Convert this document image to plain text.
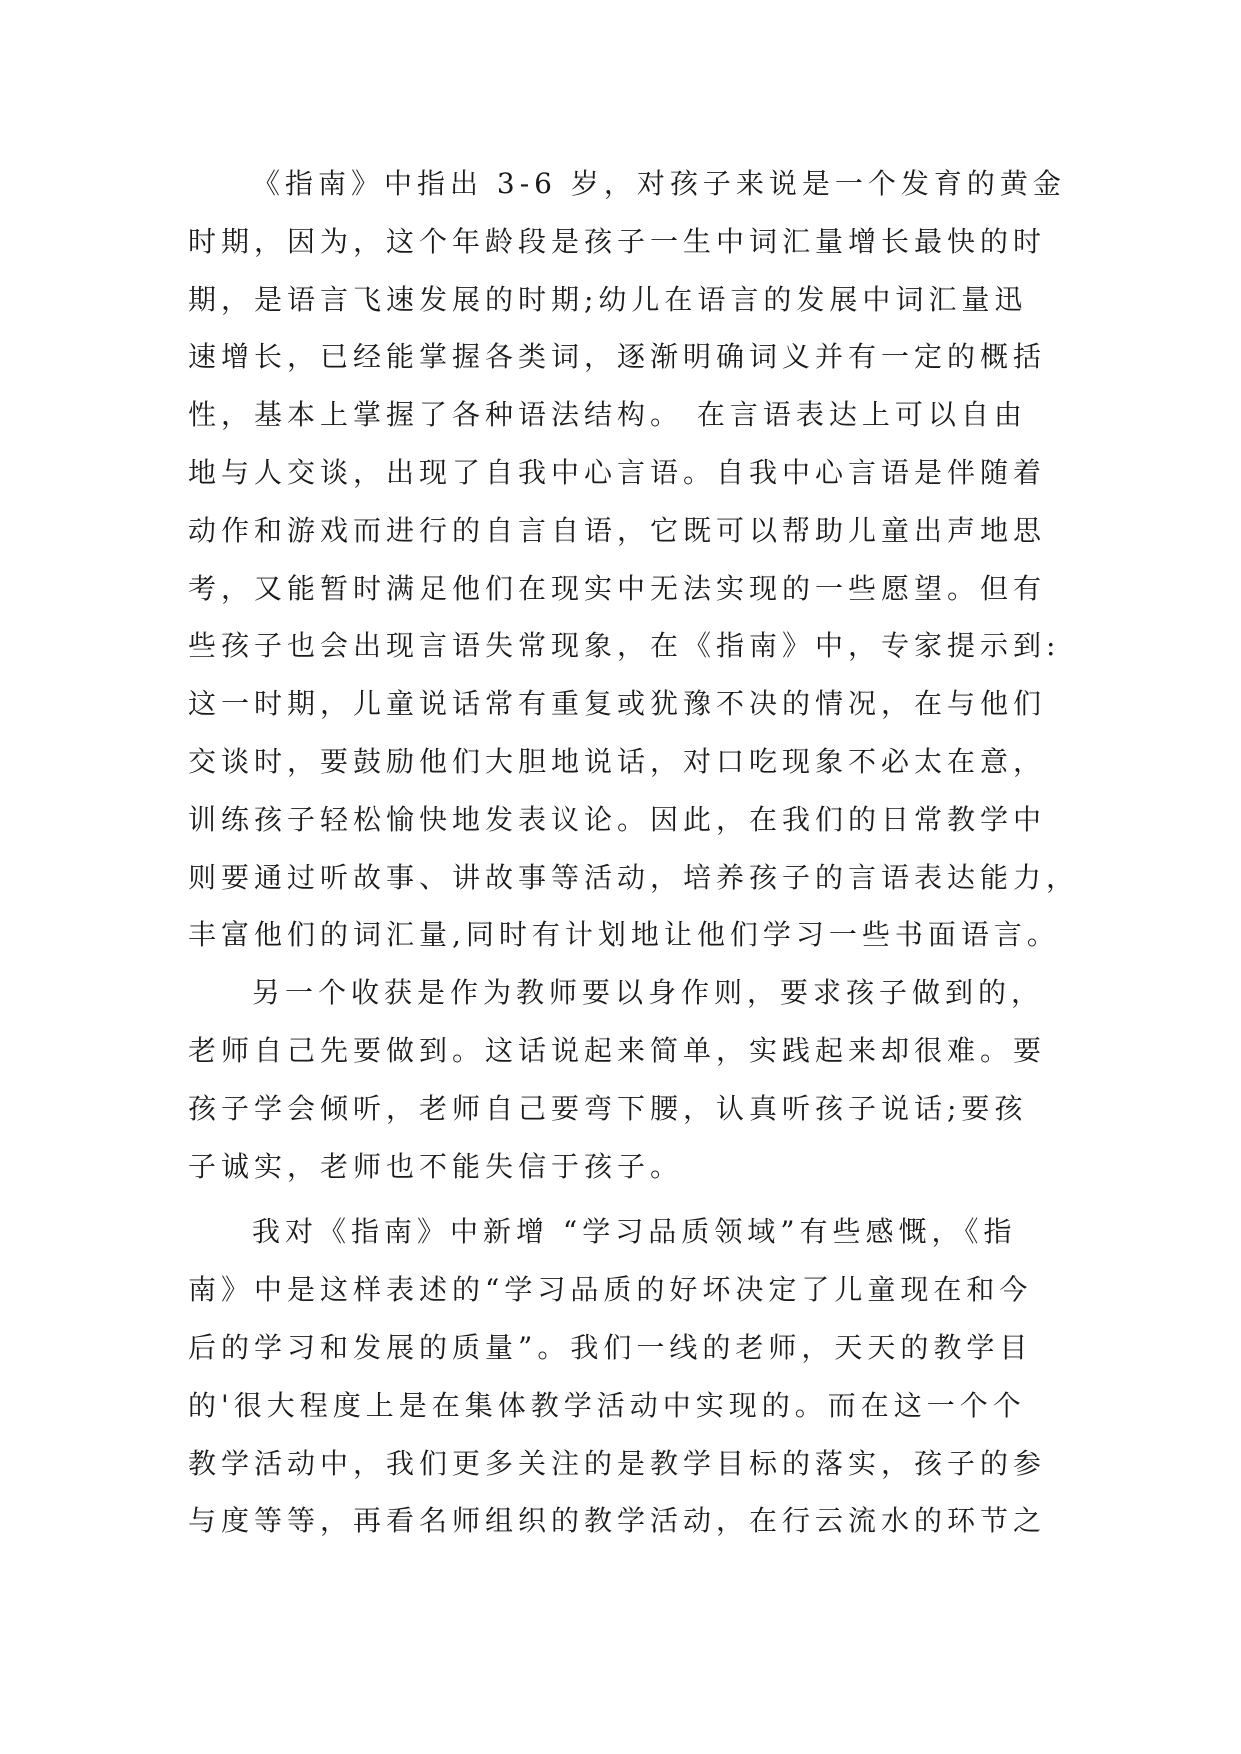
《指南》中指出 3-6 岁，对孩子来说是一个发育的黄金
时期，因为，这个年龄段是孩子一生中词汇量增长最快的时
期，是语言飞速发展的时期;幼儿在语言的发展中词汇量迅
速增长，已经能掌握各类词，逐渐明确词义并有一定的概括
性，基本上掌握了各种语法结构。 在言语表达上可以自由
地与人交谈，出现了自我中心言语。自我中心言语是伴随着
动作和游戏而进行的自言自语，它既可以帮助儿童出声地思
考，又能暂时满足他们在现实中无法实现的一些愿望。但有
些孩子也会出现言语失常现象，在《指南》中，专家提示到:
这一时期，儿童说话常有重复或犹豫不决的情况，在与他们
交谈时，要鼓励他们大胆地说话，对口吃现象不必太在意，
训练孩子轻松愉快地发表议论。因此，在我们的日常教学中
则要通过听故事、讲故事等活动，培养孩子的言语表达能力，
丰富他们的词汇量,同时有计划地让他们学习一些书面语言。
另一个收获是作为教师要以身作则，要求孩子做到的，
老师自己先要做到。这话说起来简单，实践起来却很难。要
孩子学会倾听，老师自己要弯下腰，认真听孩子说话;要孩
子诚实，老师也不能失信于孩子。
我对《指南》中新增 “学习品质领域”有些感慨，《指
南》中是这样表述的“学习品质的好坏决定了儿童现在和今
后的学习和发展的质量”。我们一线的老师，天天的教学目
的'很大程度上是在集体教学活动中实现的。而在这一个个
教学活动中，我们更多关注的是教学目标的落实，孩子的参
与度等等，再看名师组织的教学活动，在行云流水的环节之
